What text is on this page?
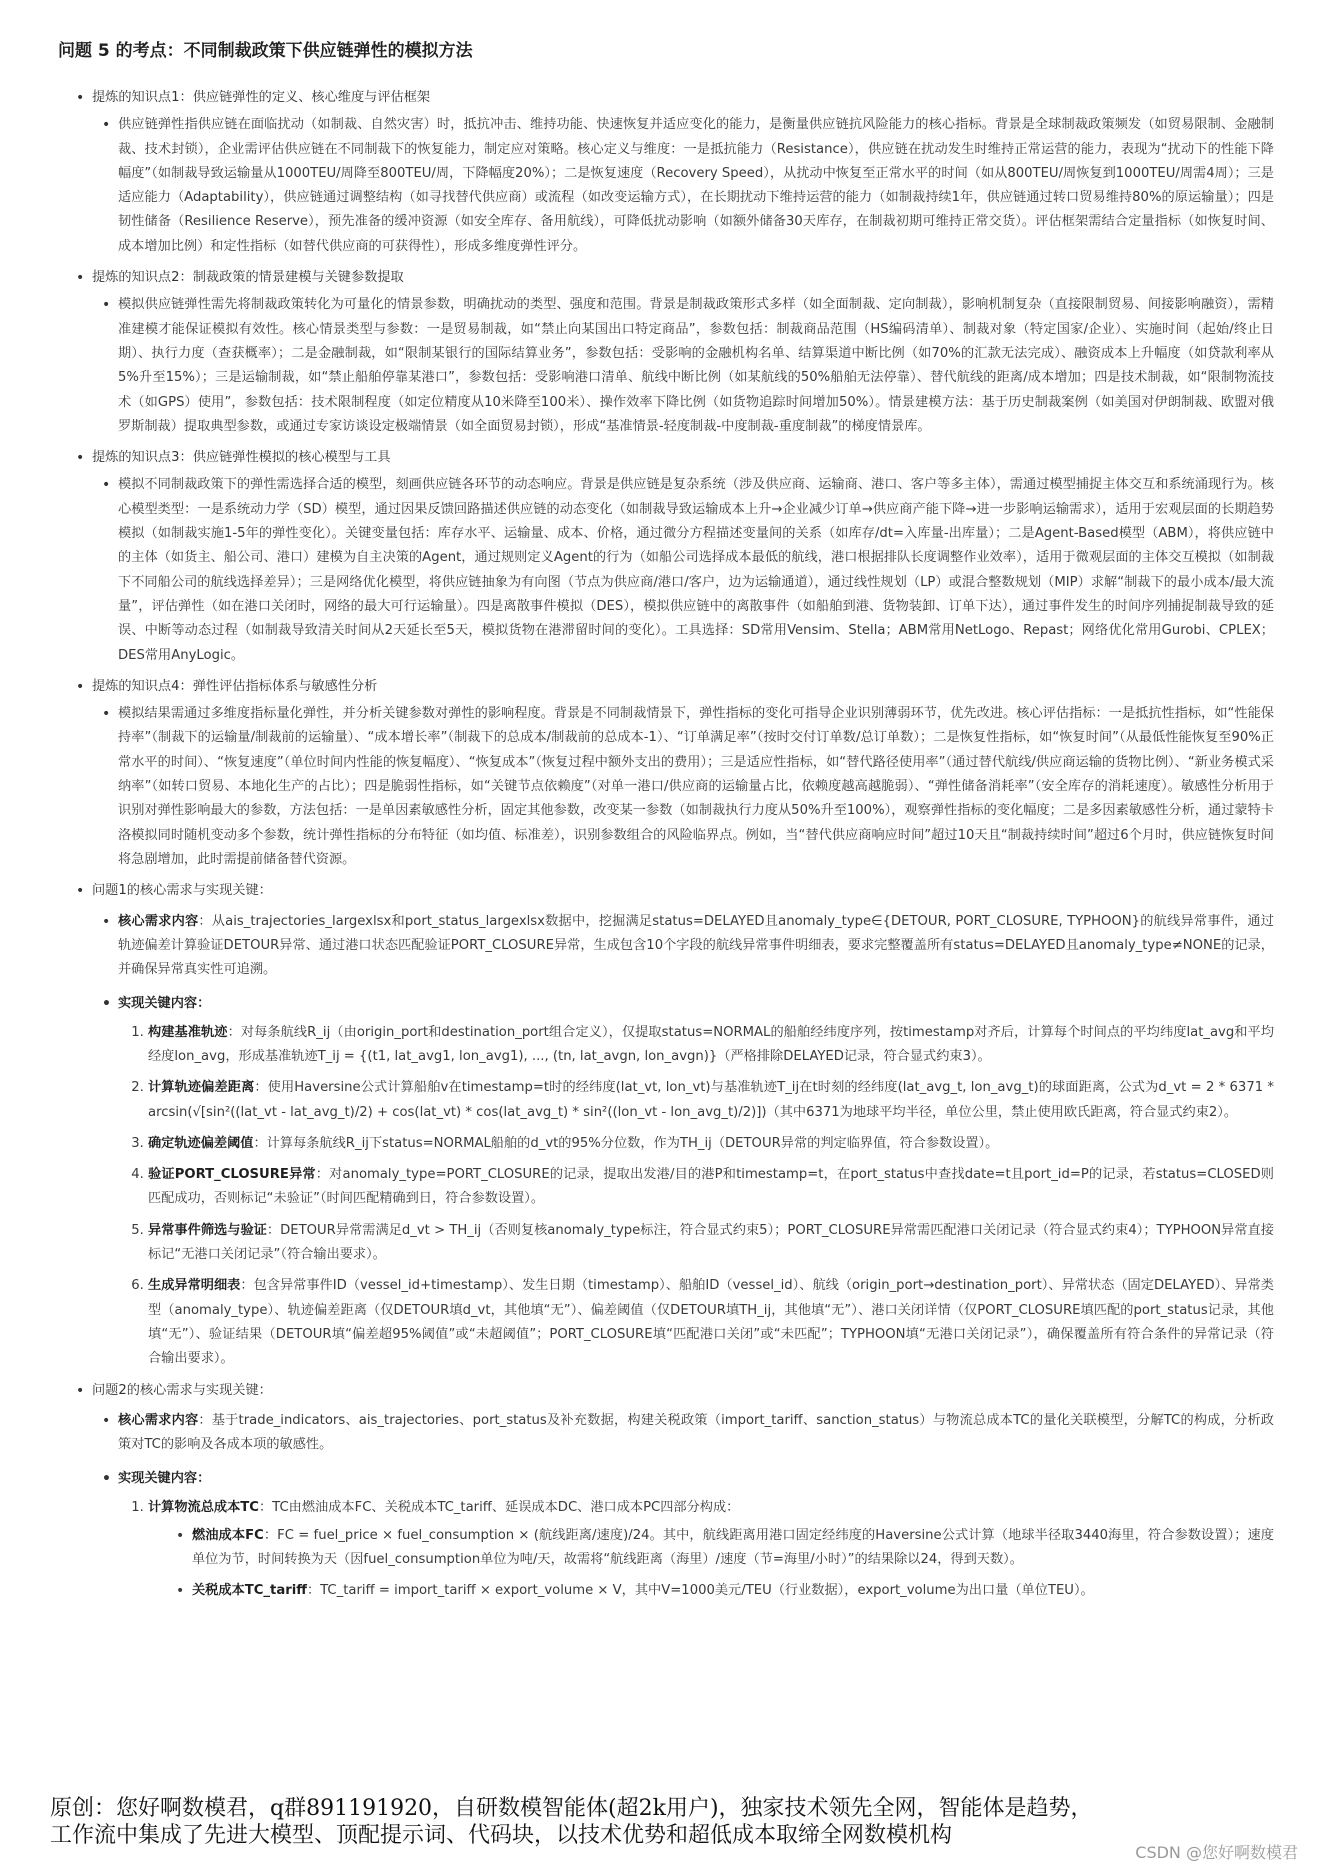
问题 5 的考点：不同制裁政策下供应链弹性的模拟方法
• 提炼的知识点1：供应链弹性的定义、核心维度与评估框架
• 供应链弹性指供应链在面临扰动（如制裁、自然灾害）时，抵抗冲击、维持功能、快速恢复并适应变化的能力，是衡量供应链抗风险能力的核心指标。背景是全球制裁政策频发（如贸易限制、金融制裁、技术封锁），企业需评估供应链在不同制裁下的恢复能力，制定应对策略。核心定义与维度：一是抵抗能力（Resistance），供应链在扰动发生时维持正常运营的能力，表现为“扰动下的性能下降幅度”（如制裁导致运输量从1000TEU/周降至800TEU/周，下降幅度20%）；二是恢复速度（Recovery Speed），从扰动中恢复至正常水平的时间（如从800TEU/周恢复到1000TEU/周需4周）；三是适应能力（Adaptability），供应链通过调整结构（如寻找替代供应商）或流程（如改变运输方式），在长期扰动下维持运营的能力（如制裁持续1年，供应链通过转口贸易维持80%的原运输量）；四是韧性储备（Resilience Reserve），预先准备的缓冲资源（如安全库存、备用航线），可降低扰动影响（如额外储备30天库存，在制裁初期可维持正常交货）。评估框架需结合定量指标（如恢复时间、成本增加比例）和定性指标（如替代供应商的可获得性），形成多维度弹性评分。
• 提炼的知识点2：制裁政策的情景建模与关键参数提取
• 模拟供应链弹性需先将制裁政策转化为可量化的情景参数，明确扰动的类型、强度和范围。背景是制裁政策形式多样（如全面制裁、定向制裁），影响机制复杂（直接限制贸易、间接影响融资），需精准建模才能保证模拟有效性。核心情景类型与参数：一是贸易制裁，如“禁止向某国出口特定商品”，参数包括：制裁商品范围（HS编码清单）、制裁对象（特定国家/企业）、实施时间（起始/终止日期）、执行力度（查获概率）；二是金融制裁，如“限制某银行的国际结算业务”，参数包括：受影响的金融机构名单、结算渠道中断比例（如70%的汇款无法完成）、融资成本上升幅度（如贷款利率从5%升至15%）；三是运输制裁，如“禁止船舶停靠某港口”，参数包括：受影响港口清单、航线中断比例（如某航线的50%船舶无法停靠）、替代航线的距离/成本增加；四是技术制裁，如“限制物流技术（如GPS）使用”，参数包括：技术限制程度（如定位精度从10米降至100米）、操作效率下降比例（如货物追踪时间增加50%）。情景建模方法：基于历史制裁案例（如美国对伊朗制裁、欧盟对俄罗斯制裁）提取典型参数，或通过专家访谈设定极端情景（如全面贸易封锁），形成“基准情景-轻度制裁-中度制裁-重度制裁”的梯度情景库。
• 提炼的知识点3：供应链弹性模拟的核心模型与工具
• 模拟不同制裁政策下的弹性需选择合适的模型，刻画供应链各环节的动态响应。背景是供应链是复杂系统（涉及供应商、运输商、港口、客户等多主体），需通过模型捕捉主体交互和系统涌现行为。核心模型类型：一是系统动力学（SD）模型，通过因果反馈回路描述供应链的动态变化（如制裁导致运输成本上升→企业减少订单→供应商产能下降→进一步影响运输需求），适用于宏观层面的长期趋势模拟（如制裁实施1-5年的弹性变化）。关键变量包括：库存水平、运输量、成本、价格，通过微分方程描述变量间的关系（如库存/dt=入库量-出库量）；二是Agent-Based模型（ABM），将供应链中的主体（如货主、船公司、港口）建模为自主决策的Agent，通过规则定义Agent的行为（如船公司选择成本最低的航线，港口根据排队长度调整作业效率），适用于微观层面的主体交互模拟（如制裁下不同船公司的航线选择差异）；三是网络优化模型，将供应链抽象为有向图（节点为供应商/港口/客户，边为运输通道），通过线性规划（LP）或混合整数规划（MIP）求解“制裁下的最小成本/最大流量”，评估弹性（如在港口关闭时，网络的最大可行运输量）。四是离散事件模拟（DES），模拟供应链中的离散事件（如船舶到港、货物装卸、订单下达），通过事件发生的时间序列捕捉制裁导致的延误、中断等动态过程（如制裁导致清关时间从2天延长至5天，模拟货物在港滞留时间的变化）。工具选择：SD常用Vensim、Stella；ABM常用NetLogo、Repast；网络优化常用Gurobi、CPLEX；DES常用AnyLogic。
• 提炼的知识点4：弹性评估指标体系与敏感性分析
• 模拟结果需通过多维度指标量化弹性，并分析关键参数对弹性的影响程度。背景是不同制裁情景下，弹性指标的变化可指导企业识别薄弱环节，优先改进。核心评估指标：一是抵抗性指标，如“性能保持率”（制裁下的运输量/制裁前的运输量）、“成本增长率”（制裁下的总成本/制裁前的总成本-1）、“订单满足率”（按时交付订单数/总订单数）；二是恢复性指标，如“恢复时间”（从最低性能恢复至90%正常水平的时间）、“恢复速度”（单位时间内性能的恢复幅度）、“恢复成本”（恢复过程中额外支出的费用）；三是适应性指标，如“替代路径使用率”（通过替代航线/供应商运输的货物比例）、“新业务模式采纳率”（如转口贸易、本地化生产的占比）；四是脆弱性指标，如“关键节点依赖度”（对单一港口/供应商的运输量占比，依赖度越高越脆弱）、“弹性储备消耗率”（安全库存的消耗速度）。敏感性分析用于识别对弹性影响最大的参数，方法包括：一是单因素敏感性分析，固定其他参数，改变某一参数（如制裁执行力度从50%升至100%），观察弹性指标的变化幅度；二是多因素敏感性分析，通过蒙特卡洛模拟同时随机变动多个参数，统计弹性指标的分布特征（如均值、标准差），识别参数组合的风险临界点。例如，当“替代供应商响应时间”超过10天且“制裁持续时间”超过6个月时，供应链恢复时间将急剧增加，此时需提前储备替代资源。
• 问题1的核心需求与实现关键：
• 核心需求内容：从ais_trajectories_largexlsx和port_status_largexlsx数据中，挖掘满足status=DELAYED且anomaly_type∈{DETOUR, PORT_CLOSURE, TYPHOON}的航线异常事件，通过轨迹偏差计算验证DETOUR异常、通过港口状态匹配验证PORT_CLOSURE异常，生成包含10个字段的航线异常事件明细表，要求完整覆盖所有status=DELAYED且anomaly_type≠NONE的记录，并确保异常真实性可追溯。
• 实现关键内容：
1. 构建基准轨迹：对每条航线R_ij（由origin_port和destination_port组合定义），仅提取status=NORMAL的船舶经纬度序列，按timestamp对齐后，计算每个时间点的平均纬度lat_avg和平均经度lon_avg，形成基准轨迹T_ij = {(t1, lat_avg1, lon_avg1), ..., (tn, lat_avgn, lon_avgn)}（严格排除DELAYED记录，符合显式约束3）。
2. 计算轨迹偏差距离：使用Haversine公式计算船舶v在timestamp=t时的经纬度(lat_vt, lon_vt)与基准轨迹T_ij在t时刻的经纬度(lat_avg_t, lon_avg_t)的球面距离，公式为d_vt = 2 * 6371 * arcsin(√[sin²((lat_vt - lat_avg_t)/2) + cos(lat_vt) * cos(lat_avg_t) * sin²((lon_vt - lon_avg_t)/2)])（其中6371为地球平均半径，单位公里，禁止使用欧氏距离，符合显式约束2）。
3. 确定轨迹偏差阈值：计算每条航线R_ij下status=NORMAL船舶的d_vt的95%分位数，作为TH_ij（DETOUR异常的判定临界值，符合参数设置）。
4. 验证PORT_CLOSURE异常：对anomaly_type=PORT_CLOSURE的记录，提取出发港/目的港P和timestamp=t，在port_status中查找date=t且port_id=P的记录，若status=CLOSED则匹配成功，否则标记“未验证”（时间匹配精确到日，符合参数设置）。
5. 异常事件筛选与验证：DETOUR异常需满足d_vt > TH_ij（否则复核anomaly_type标注，符合显式约束5）；PORT_CLOSURE异常需匹配港口关闭记录（符合显式约束4）；TYPHOON异常直接标记“无港口关闭记录”（符合输出要求）。
6. 生成异常明细表：包含异常事件ID（vessel_id+timestamp）、发生日期（timestamp）、船舶ID（vessel_id）、航线（origin_port→destination_port）、异常状态（固定DELAYED）、异常类型（anomaly_type）、轨迹偏差距离（仅DETOUR填d_vt，其他填“无”）、偏差阈值（仅DETOUR填TH_ij，其他填“无”）、港口关闭详情（仅PORT_CLOSURE填匹配的port_status记录，其他填“无”）、验证结果（DETOUR填“偏差超95%阈值”或“未超阈值”；PORT_CLOSURE填“匹配港口关闭”或“未匹配”；TYPHOON填“无港口关闭记录”），确保覆盖所有符合条件的异常记录（符合输出要求）。
• 问题2的核心需求与实现关键：
• 核心需求内容：基于trade_indicators、ais_trajectories、port_status及补充数据，构建关税政策（import_tariff、sanction_status）与物流总成本TC的量化关联模型，分解TC的构成，分析政策对TC的影响及各成本项的敏感性。
• 实现关键内容：
1. 计算物流总成本TC：TC由燃油成本FC、关税成本TC_tariff、延误成本DC、港口成本PC四部分构成：
• 燃油成本FC：FC = fuel_price × fuel_consumption × (航线距离/速度)/24。其中，航线距离用港口固定经纬度的Haversine公式计算（地球半径取3440海里，符合参数设置）；速度单位为节，时间转换为天（因fuel_consumption单位为吨/天，故需将“航线距离（海里）/速度（节=海里/小时）”的结果除以24，得到天数）。
• 关税成本TC_tariff：TC_tariff = import_tariff × export_volume × V，其中V=1000美元/TEU（行业数据），export_volume为出口量（单位TEU）。
原创：您好啊数模君，q群891191920，自研数模智能体(超2k用户)，独家技术领先全网，智能体是趋势，
工作流中集成了先进大模型、顶配提示词、代码块，以技术优势和超低成本取缔全网数模机构
CSDN @您好啊数模君
